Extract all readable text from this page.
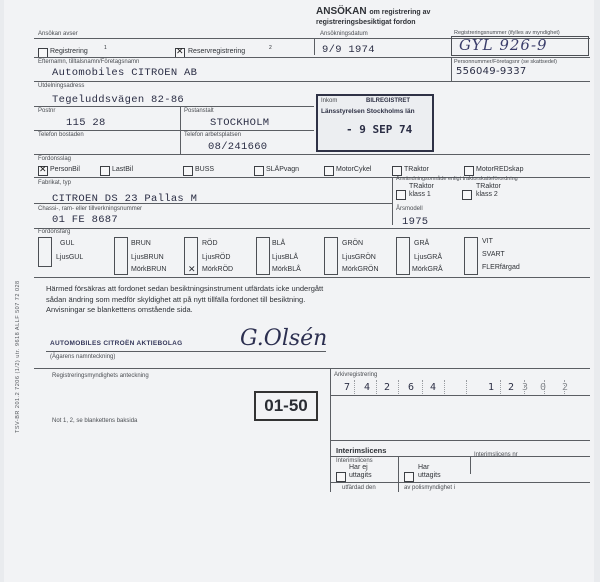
ANSÖKAN om registrering av
registreringsbesiktigat fordon
Ansökan avser	Ansökningsdatum	Registreringsnummer (ifylles av myndighet)
Registrering	1
✕	Reservregistrering	2	9/9 1974	GYL 926-9
Efternamn, tilltalsnamn/Företagsnamn	Personnummer/Företagsnr (se skattsedel)
Automobiles CITROEN AB	556049-9337
Utdelningsadress
Tegeluddsvägen 82-86
Postnr	Postanstalt
115 28	STOCKHOLM
Telefon bostaden	Telefon arbetsplatsen
08/241660
Inkom	BILREGISTRET
Länsstyrelsen Stockholms län
- 9 SEP 74
Fordonsslag
✕
PersonBil	LastBil	BUSS	SLÄPvagn	MotorCykel	TRaktor	MotorREDskap
Fabrikat, typ
Användningsområde enligt traktorskatteförordning
CITROEN DS 23 Pallas M
TRaktor klass 1
TRaktor klass 2
Chassi-, ram- eller tillverkningsnummer	Årsmodell
01 FE 8687	1975
Fordonsfärg
✕
GUL	BRUN	RÖD	BLÅ	GRÖN	GRÅ	VIT
LjusGUL	LjusBRUN	LjusRÖD	LjusBLÅ	LjusGRÖN	LjusGRÅ	SVART
MörkBRUN	MörkRÖD	MörkBLÅ	MörkGRÖN	MörkGRÅ	FLERfärgad
Härmed försäkras att fordonet sedan besiktningsinstrument utfärdats icke undergått sådan ändring som medför skyldighet att på nytt tillfälla fordonet till besiktning. Anvisningar se blankettens omstående sida.
AUTOMOBILES CITROËN AKTIEBOLAG	G.Olsén
(Ägarens namnteckning)
Registreringsmyndighets anteckning
01-50
Not 1, 2, se blankettens baksida
Arkivregistrering
7 4 2 6 4	1 2 3 0 2
Interimslicens
Interimslicens
Interimslicens nr
Har ej uttagits
Har uttagits
utfärdad den	av polismyndighet i
TSV-BR 201.2 7206 (1/2) utr. 9618 ALLF 507 72 028
